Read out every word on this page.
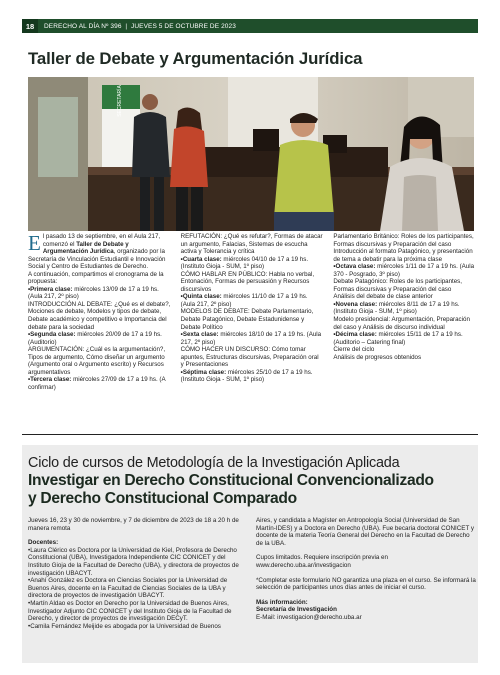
18	DERECHO AL DÍA Nº 396  |  JUEVES 5 DE OCTUBRE DE 2023
Taller de Debate y Argumentación Jurídica
SECRETARÍA

El pasado 13 de septiembre, en el Aula 217, comenzó el Taller de Debate y Argumentación Jurídica, organizado por la Secretaría de Vinculación Estudiantil e Innovación Social y Centro de Estudiantes de Derecho.

A continuación, compartimos el cronograma de la propuesta:

•Primera clase: miércoles 13/09 de 17 a 19 hs. (Aula 217, 2º piso)

INTRODUCCIÓN AL DEBATE: ¿Qué es el debate?, Mociones de debate, Modelos y tipos de debate, Debate académico y competitivo e Importancia del debate para la sociedad

•Segunda clase: miércoles 20/09 de 17 a 19 hs. (Auditorio)

ARGUMENTACIÓN: ¿Cuál es la argumentación?, Tipos de argumento, Cómo diseñar un argumento (Argumento oral o Argumento escrito) y Recursos argumentativos

•Tercera clase: miércoles 27/09 de 17 a 19 hs. (A confirmar)

REFUTACIÓN: ¿Qué es refutar?, Formas de atacar un argumento, Falacias, Sistemas de escucha activa y Tolerancia y crítica

•Cuarta clase: miércoles 04/10 de 17 a 19 hs. (Instituto Gioja - SUM, 1º piso)

CÓMO HABLAR EN PÚBLICO: Habla no verbal, Entonación, Formas de persuasión y Recursos discursivos

•Quinta clase: miércoles 11/10 de 17 a 19 hs. (Aula 217, 2º piso)

MODELOS DE DEBATE: Debate Parlamentario, Debate Patagónico, Debate Estadunidense y Debate Político

•Sexta clase: miércoles 18/10 de 17 a 19 hs. (Aula 217, 2º piso)

CÓMO HACER UN DISCURSO: Cómo tomar apuntes, Estructuras discursivas, Preparación oral y Presentaciones

•Séptima clase: miércoles 25/10 de 17 a 19 hs. (Instituto Gioja - SUM, 1º piso)

Parlamentario Británico: Roles de los participantes, Formas discursivas y Preparación del caso

Introducción al formato Patagónico, y presentación de tema a debatir para la próxima clase

•Octava clase: miércoles 1/11 de 17 a 19 hs. (Aula 370 - Posgrado, 3º piso)

Debate Patagónico: Roles de los participantes, Formas discursivas y Preparación del caso

Análisis del debate de clase anterior

•Novena clase: miércoles 8/11 de 17 a 19 hs. (Instituto Gioja - SUM, 1º piso)

Modelo presidencial: Argumentación, Preparación del caso y Análisis de discurso individual

•Décima clase: miércoles 15/11 de 17 a 19 hs. (Auditorio – Catering final)

Cierre del ciclo

Análisis de progresos obtenidos

Ciclo de cursos de Metodología de la Investigación Aplicada
Investigar en Derecho Constitucional Convencionalizado
y Derecho Constitucional Comparado

Jueves 16, 23 y 30 de noviembre, y 7 de diciembre de 2023 de 18 a 20 h de manera remota

Docentes:

•Laura Clérico es Doctora por la Universidad de Kiel, Profesora de Derecho Constitucional (UBA), Investigadora Independiente CIC CONICET y del Instituto Gioja de la Facultad de Derecho (UBA), y directora de proyectos de investigación UBACYT.

•Anahí González es Doctora en Ciencias Sociales por la Universidad de Buenos Aires, docente en la Facultad de Ciencias Sociales de la UBA y directora de proyectos de investigación UBACYT.

•Martín Aldao es Doctor en Derecho por la Universidad de Buenos Aires, Investigador Adjunto CIC CONICET y del Instituto Gioja de la Facultad de Derecho, y director de proyectos de investigación DECyT.

•Camila Fernández Meijide es abogada por la Universidad de Buenos

Aires, y candidata a Magíster en Antropología Social (Universidad de San Martín-IDES) y a Doctora en Derecho (UBA). Fue becaria doctoral CONICET y docente de la materia Teoría General del Derecho en la Facultad de Derecho de la UBA.

Cupos limitados. Requiere inscripción previa en www.derecho.uba.ar/investigacion

*Completar este formulario NO garantiza una plaza en el curso. Se informará la selección de participantes unos días antes de iniciar el curso.

Más información:

Secretaría de Investigación

E-Mail: investigacion@derecho.uba.ar
